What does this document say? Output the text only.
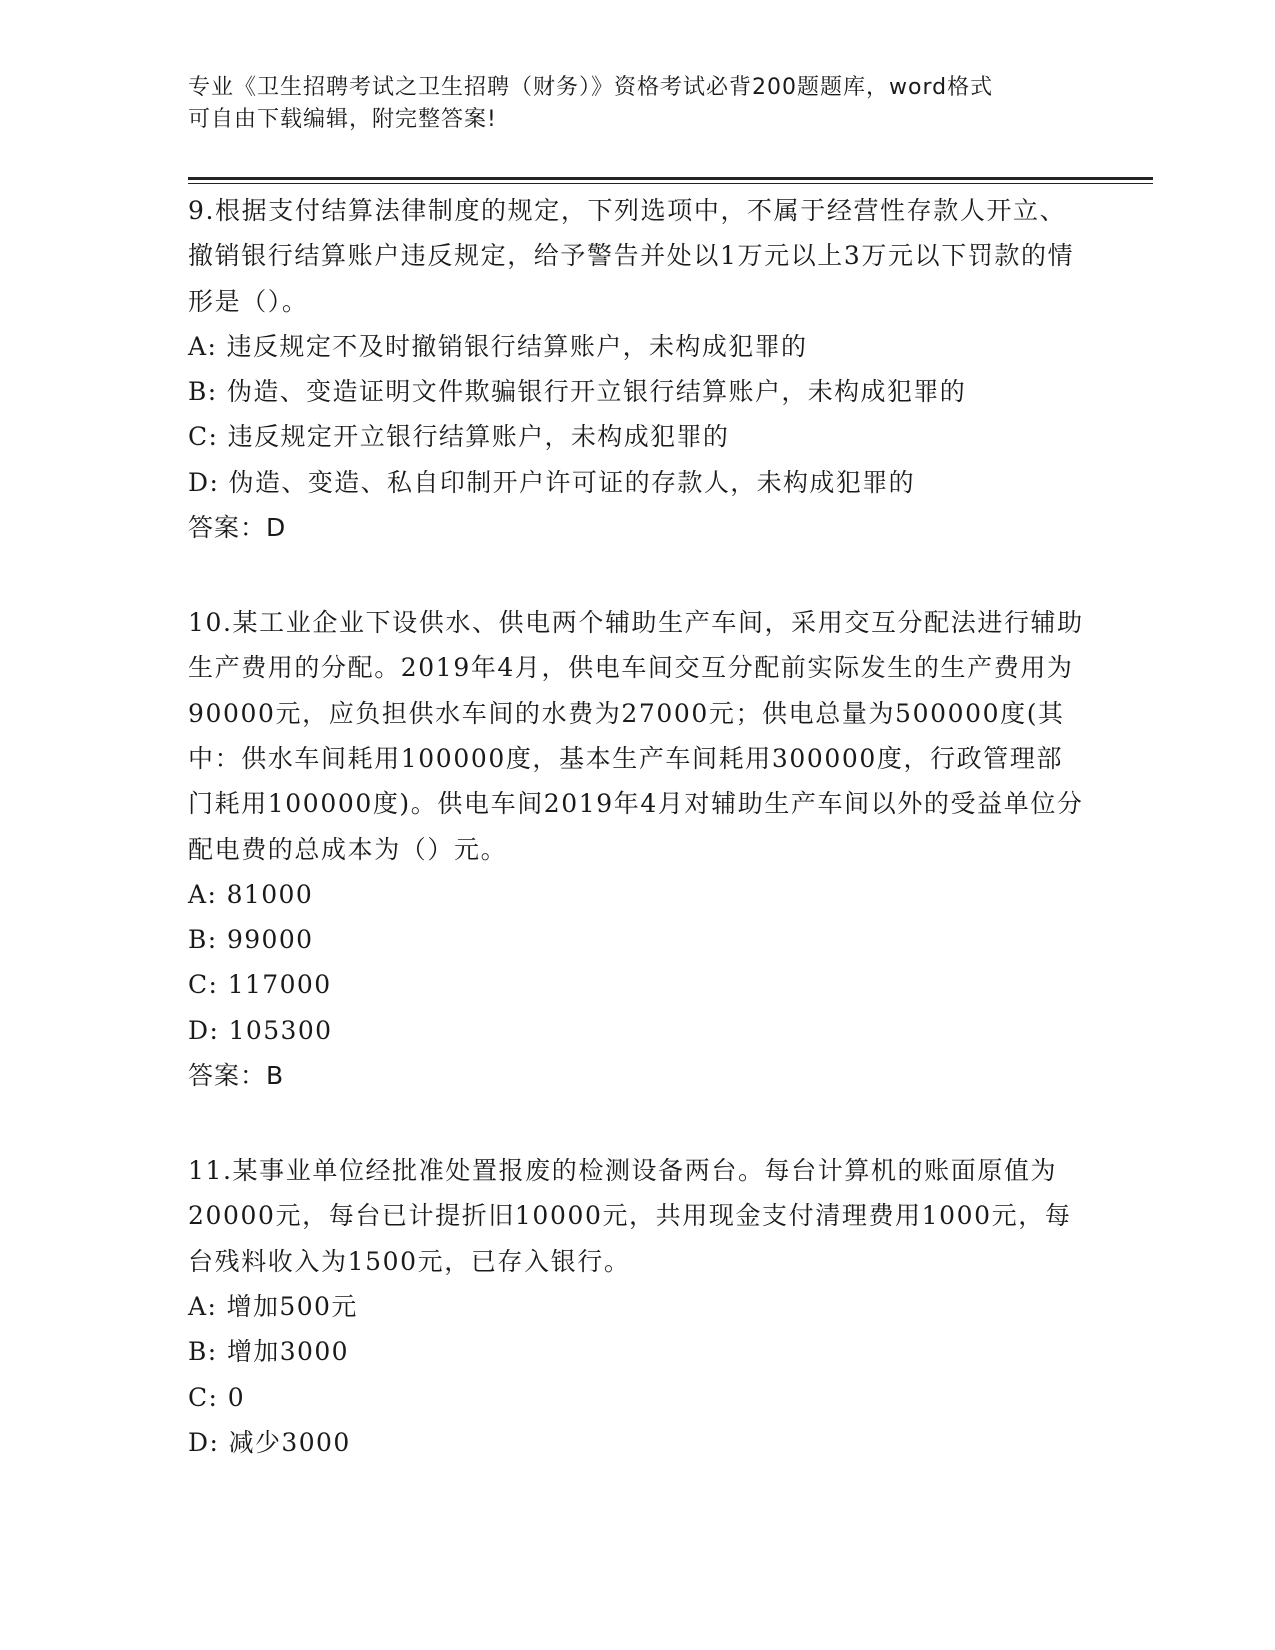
专业《卫生招聘考试之卫生招聘（财务）》资格考试必背200题题库，word格式
可自由下载编辑，附完整答案!

9.根据支付结算法律制度的规定，下列选项中，不属于经营性存款人开立、撤销银行结算账户违反规定，给予警告并处以1万元以上3万元以下罚款的情形是（）。

A: 违反规定不及时撤销银行结算账户，未构成犯罪的

B: 伪造、变造证明文件欺骗银行开立银行结算账户，未构成犯罪的

C: 违反规定开立银行结算账户，未构成犯罪的

D: 伪造、变造、私自印制开户许可证的存款人，未构成犯罪的

答案：D

10.某工业企业下设供水、供电两个辅助生产车间，采用交互分配法进行辅助生产费用的分配。2019年4月，供电车间交互分配前实际发生的生产费用为90000元，应负担供水车间的水费为27000元；供电总量为500000度(其中：供水车间耗用100000度，基本生产车间耗用300000度，行政管理部门耗用100000度)。供电车间2019年4月对辅助生产车间以外的受益单位分配电费的总成本为（）元。

A: 81000

B: 99000

C: 117000

D: 105300

答案：B

11.某事业单位经批准处置报废的检测设备两台。每台计算机的账面原值为20000元，每台已计提折旧10000元，共用现金支付清理费用1000元，每台残料收入为1500元，已存入银行。

A: 增加500元

B: 增加3000

C: 0

D: 减少3000
